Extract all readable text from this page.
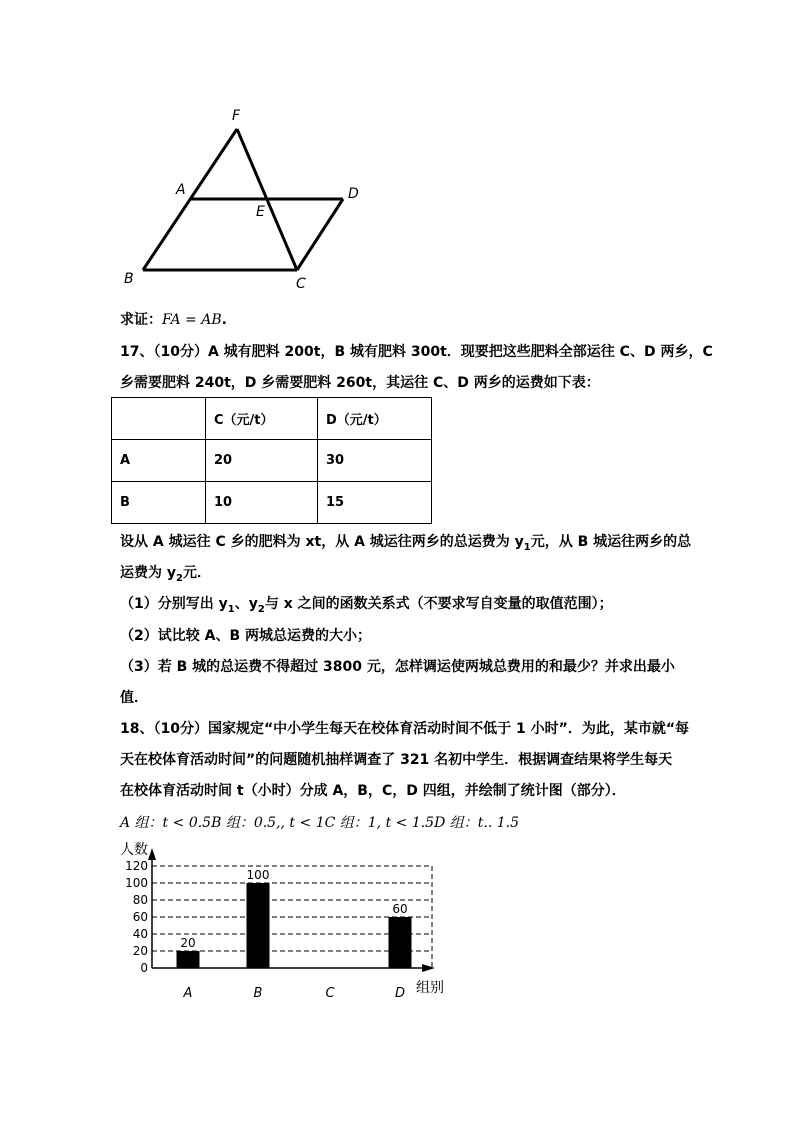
F
A	D
E
B	C
求证：FA = AB.
17、（10分）A 城有肥料 200t，B 城有肥料 300t．现要把这些肥料全部运往 C、D 两乡，C
乡需要肥料 240t，D 乡需要肥料 260t，其运往 C、D 两乡的运费如下表：
	C（元/t）	D（元/t）
A	20	30
B	10	15
设从 A 城运往 C 乡的肥料为 xt，从 A 城运往两乡的总运费为 $y_1$元，从 B 城运往两乡的总
运费为 $y_2$元．
（1）分别写出 $y_1$、$y_2$与 x 之间的函数关系式（不要求写自变量的取值范围）；
（2）试比较 A、B 两城总运费的大小；
（3）若 B 城的总运费不得超过 3800 元，怎样调运使两城总费用的和最少？并求出最小
值．
18、（10分）国家规定“中小学生每天在校体育活动时间不低于 1 小时”．为此，某市就“每
天在校体育活动时间”的问题随机抽样调查了 321 名初中学生．根据调查结果将学生每天
在校体育活动时间 t（小时）分成 A，B，C，D 四组，并绘制了统计图（部分）．
A 组：t < 0.5B 组：0.5,, t < 1C 组：1, t < 1.5D 组：t.. 1.5
0
20
40
60
80
100
120
人数
组别
20
A
100
B	C
60
D
